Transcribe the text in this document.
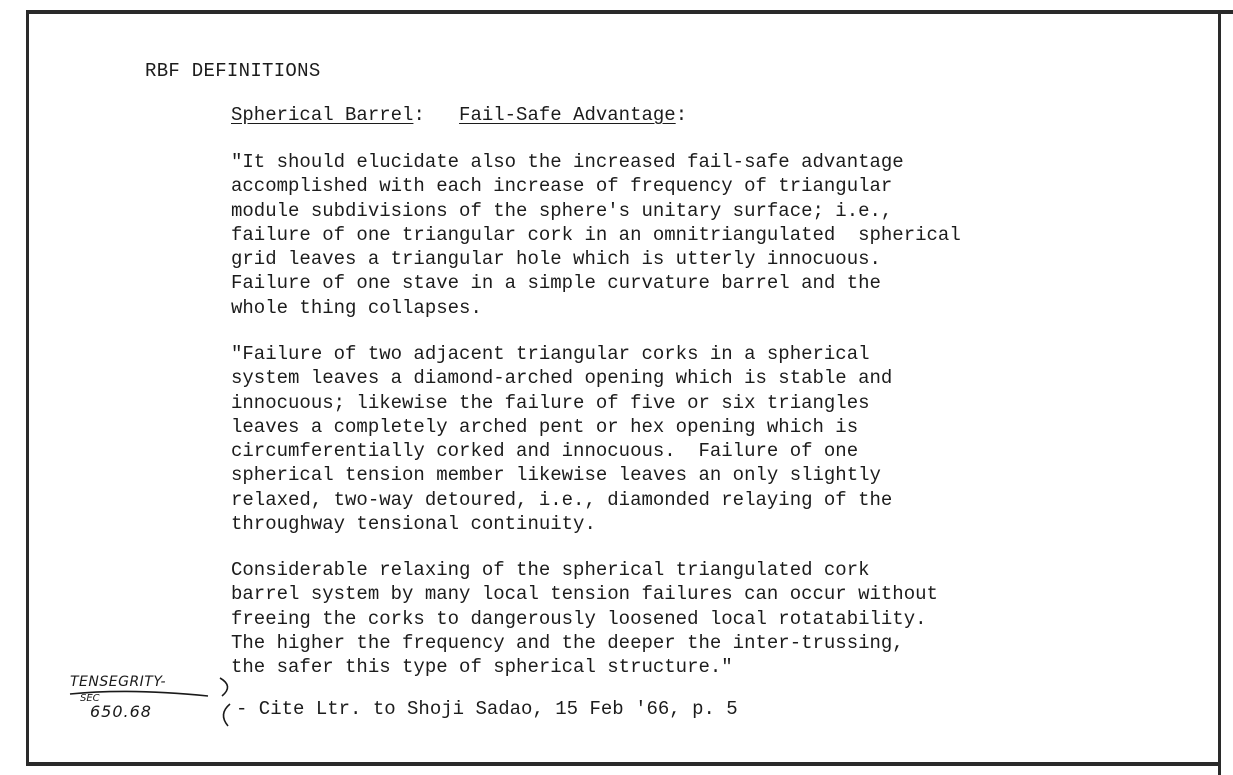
RBF DEFINITIONS
Spherical Barrel:   Fail-Safe Advantage:
"It should elucidate also the increased fail-safe advantage
accomplished with each increase of frequency of triangular
module subdivisions of the sphere's unitary surface; i.e.,
failure of one triangular cork in an omnitriangulated  spherical
grid leaves a triangular hole which is utterly innocuous.
Failure of one stave in a simple curvature barrel and the
whole thing collapses.
"Failure of two adjacent triangular corks in a spherical
system leaves a diamond-arched opening which is stable and
innocuous; likewise the failure of five or six triangles
leaves a completely arched pent or hex opening which is
circumferentially corked and innocuous.  Failure of one
spherical tension member likewise leaves an only slightly
relaxed, two-way detoured, i.e., diamonded relaying of the
throughway tensional continuity.
Considerable relaxing of the spherical triangulated cork
barrel system by many local tension failures can occur without
freeing the corks to dangerously loosened local rotatability.
The higher the frequency and the deeper the inter-trussing,
the safer this type of spherical structure."
TENSEGRITY-
SEC
650.68	- Cite Ltr. to Shoji Sadao, 15 Feb '66, p. 5
